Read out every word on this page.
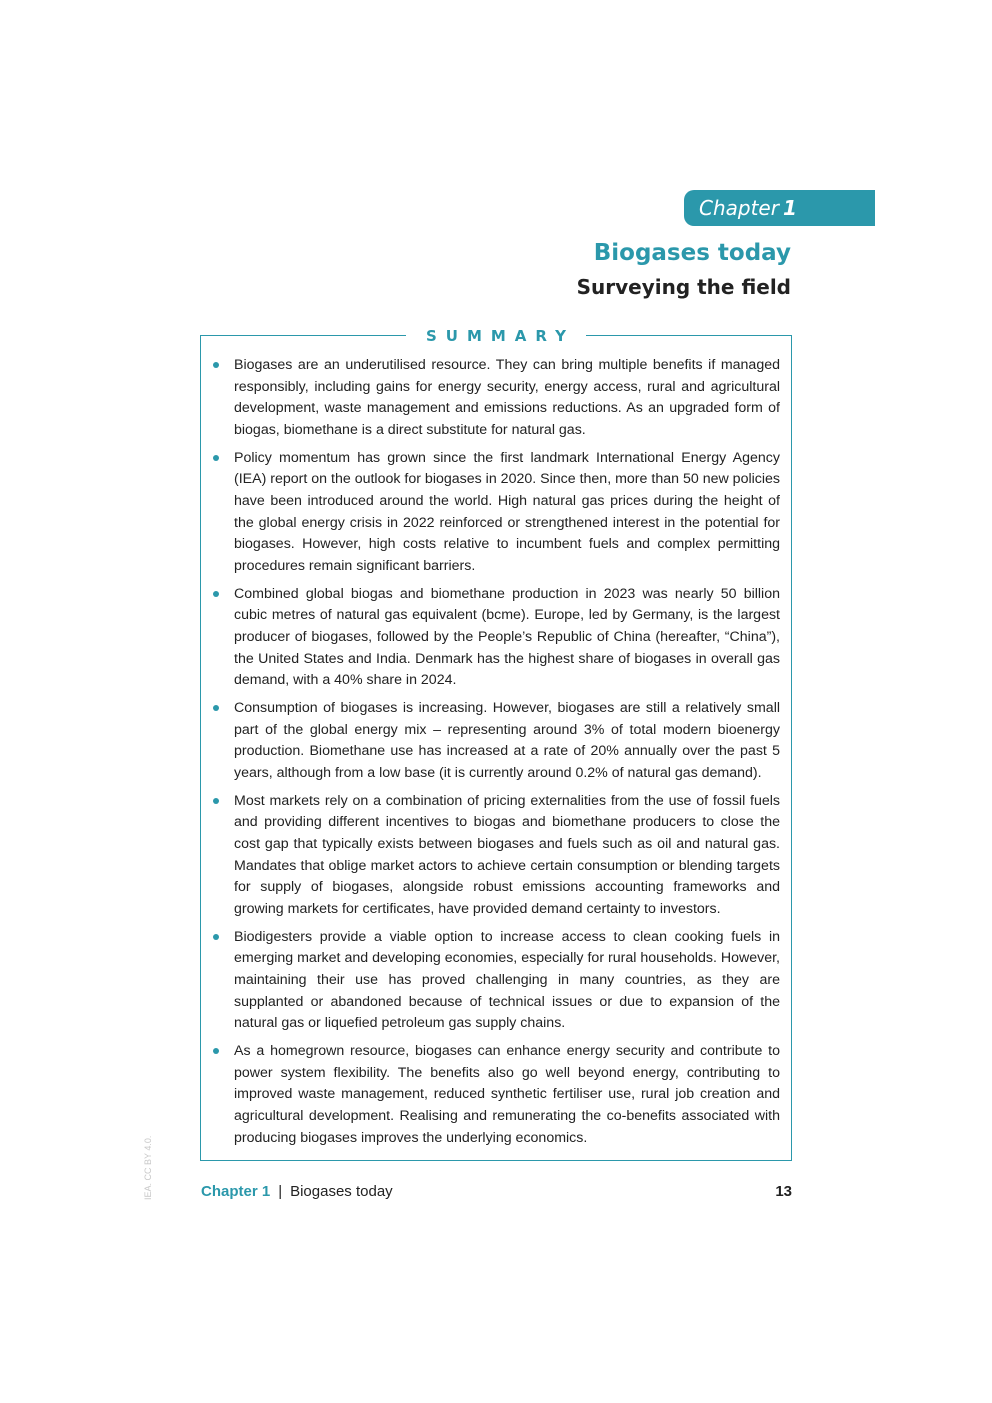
Chapter 1
Biogases today
Surveying the field
SUMMARY
Biogases are an underutilised resource. They can bring multiple benefits if managed responsibly, including gains for energy security, energy access, rural and agricultural development, waste management and emissions reductions. As an upgraded form of biogas, biomethane is a direct substitute for natural gas.
Policy momentum has grown since the first landmark International Energy Agency (IEA) report on the outlook for biogases in 2020. Since then, more than 50 new policies have been introduced around the world. High natural gas prices during the height of the global energy crisis in 2022 reinforced or strengthened interest in the potential for biogases. However, high costs relative to incumbent fuels and complex permitting procedures remain significant barriers.
Combined global biogas and biomethane production in 2023 was nearly 50 billion cubic metres of natural gas equivalent (bcme). Europe, led by Germany, is the largest producer of biogases, followed by the People’s Republic of China (hereafter, “China”), the United States and India. Denmark has the highest share of biogases in overall gas demand, with a 40% share in 2024.
Consumption of biogases is increasing. However, biogases are still a relatively small part of the global energy mix – representing around 3% of total modern bioenergy production. Biomethane use has increased at a rate of 20% annually over the past 5 years, although from a low base (it is currently around 0.2% of natural gas demand).
Most markets rely on a combination of pricing externalities from the use of fossil fuels and providing different incentives to biogas and biomethane producers to close the cost gap that typically exists between biogases and fuels such as oil and natural gas. Mandates that oblige market actors to achieve certain consumption or blending targets for supply of biogases, alongside robust emissions accounting frameworks and growing markets for certificates, have provided demand certainty to investors.
Biodigesters provide a viable option to increase access to clean cooking fuels in emerging market and developing economies, especially for rural households. However, maintaining their use has proved challenging in many countries, as they are supplanted or abandoned because of technical issues or due to expansion of the natural gas or liquefied petroleum gas supply chains.
As a homegrown resource, biogases can enhance energy security and contribute to power system flexibility. The benefits also go well beyond energy, contributing to improved waste management, reduced synthetic fertiliser use, rural job creation and agricultural development. Realising and remunerating the co-benefits associated with producing biogases improves the underlying economics.
IEA. CC BY 4.0.	Chapter 1 | Biogases today	13
